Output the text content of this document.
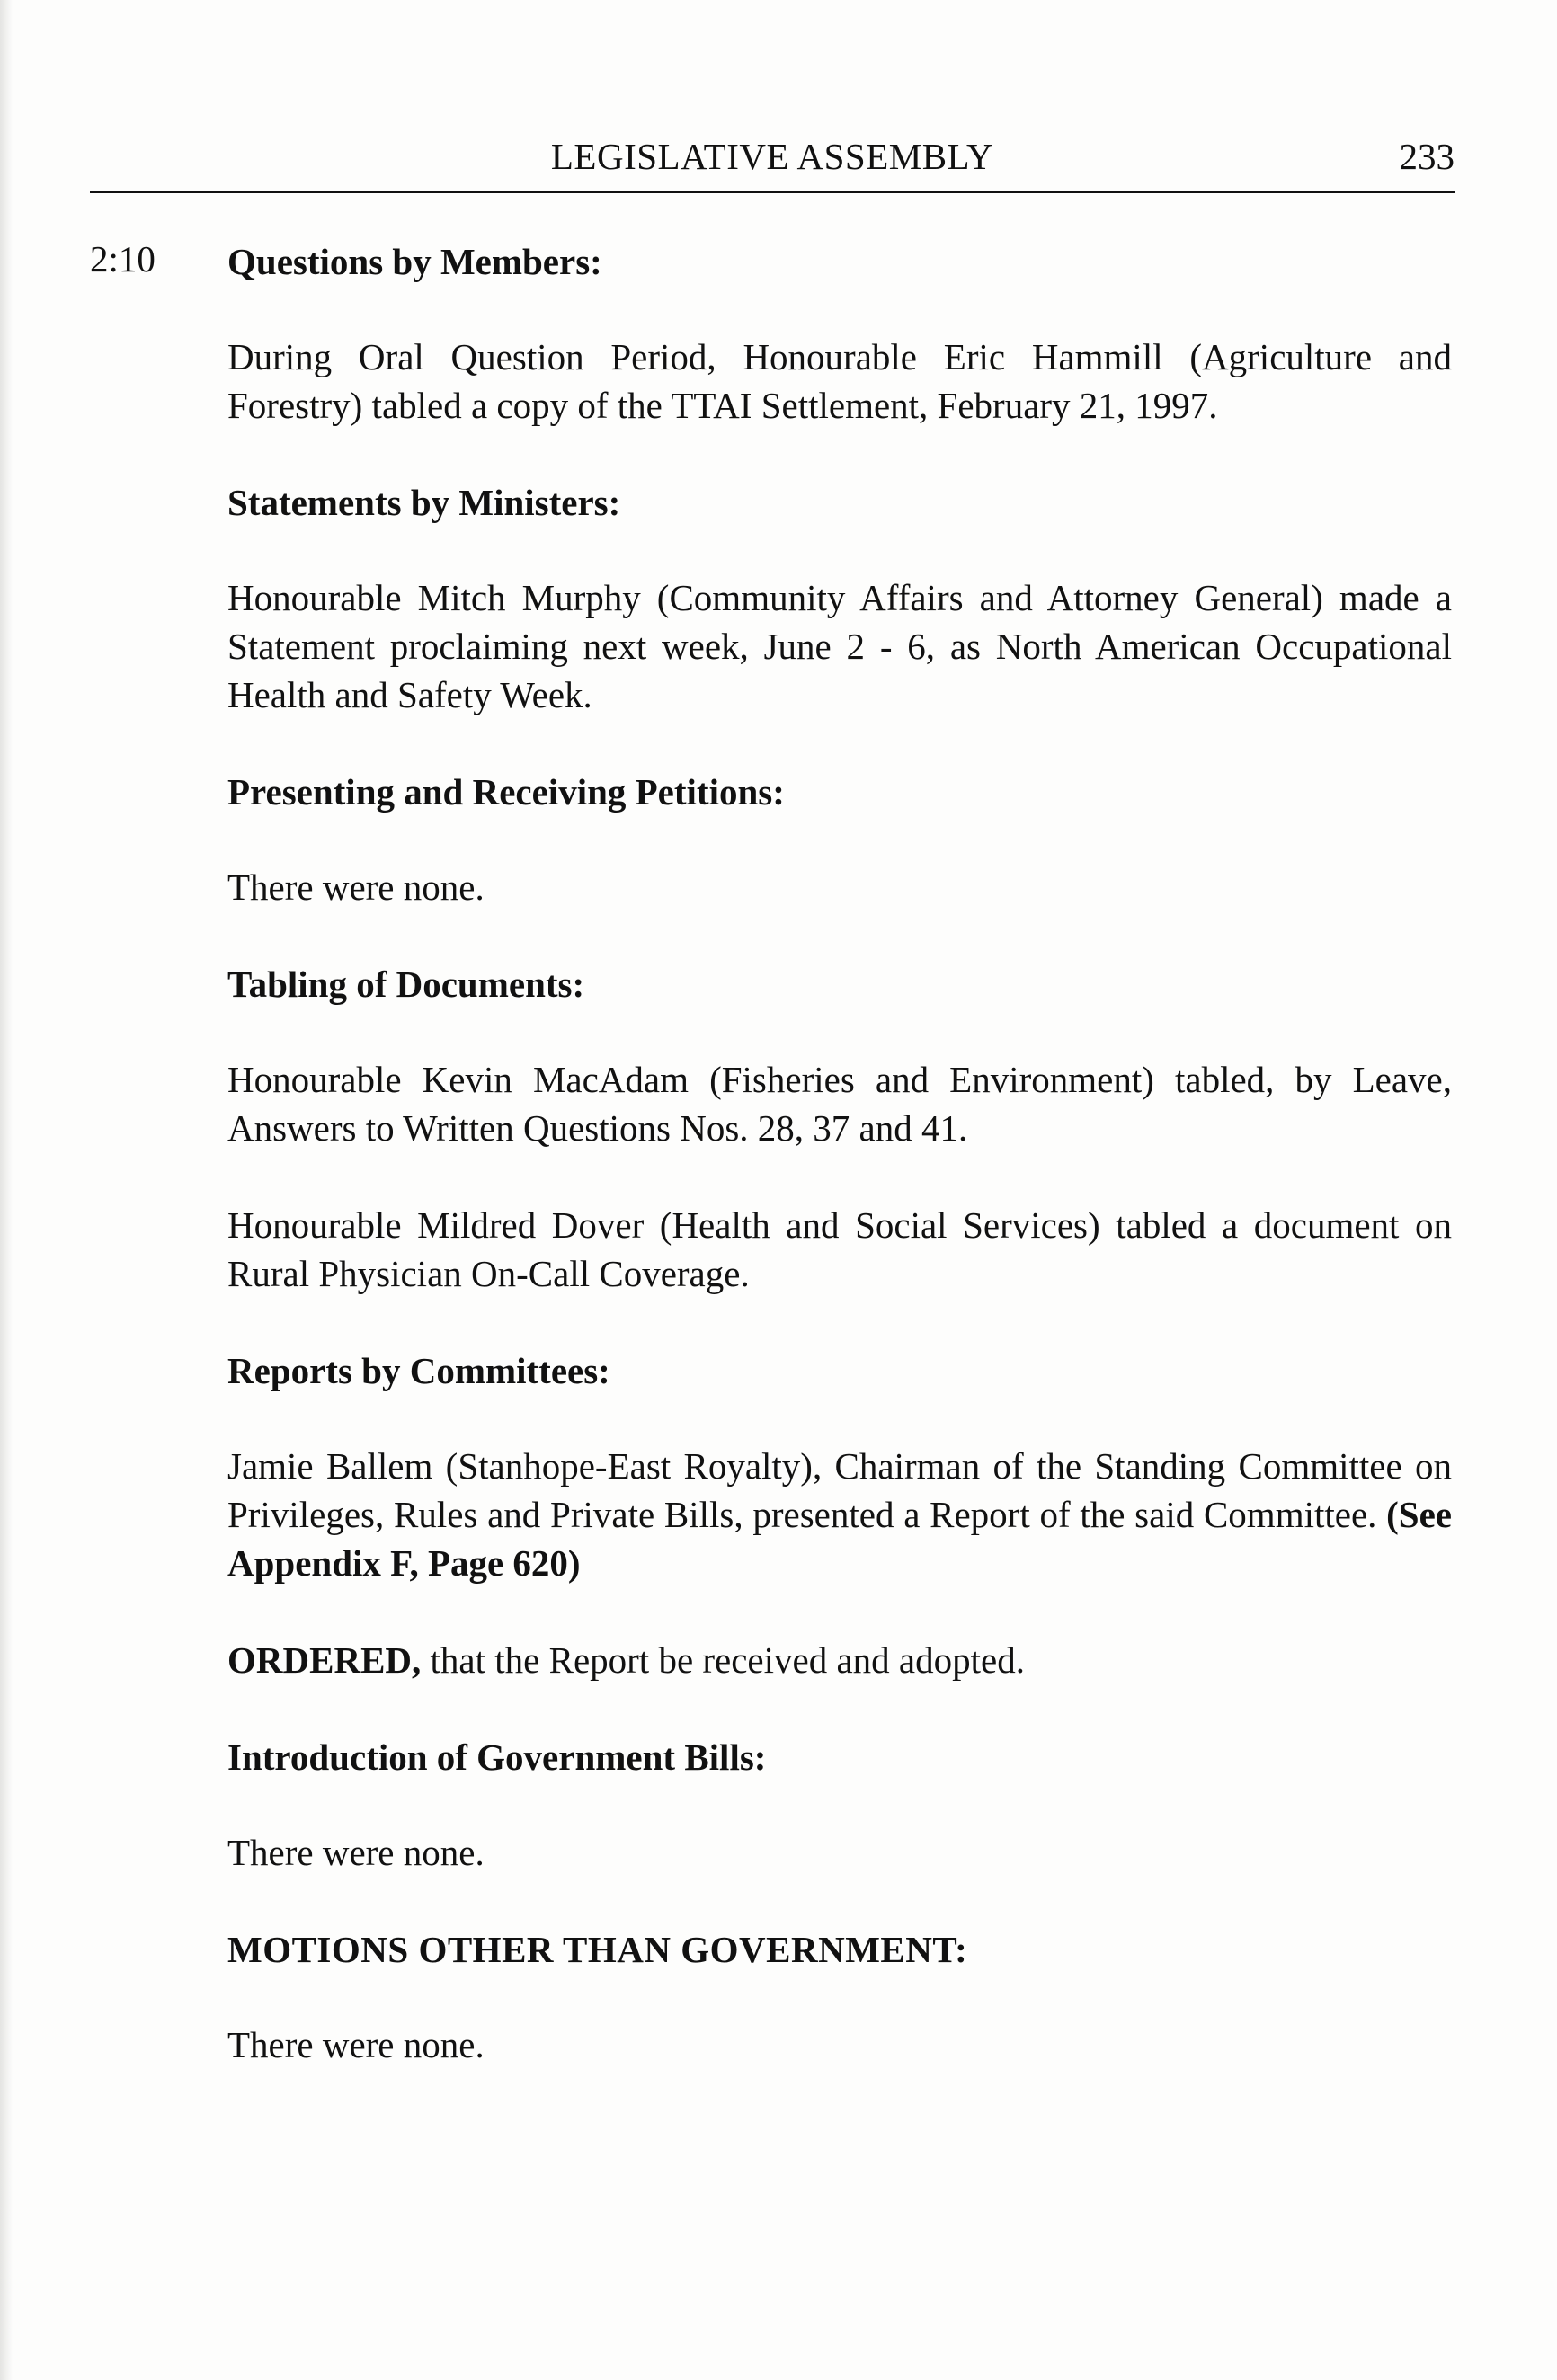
LEGISLATIVE ASSEMBLY	233
2:10 Questions by Members:

During Oral Question Period, Honourable Eric Hammill (Agriculture and Forestry) tabled a copy of the TTAI Settlement, February 21, 1997.

Statements by Ministers:

Honourable Mitch Murphy (Community Affairs and Attorney General) made a Statement proclaiming next week, June 2 - 6, as North American Occupational Health and Safety Week.

Presenting and Receiving Petitions:

There were none.

Tabling of Documents:

Honourable Kevin MacAdam (Fisheries and Environment) tabled, by Leave, Answers to Written Questions Nos. 28, 37 and 41.

Honourable Mildred Dover (Health and Social Services) tabled a document on Rural Physician On-Call Coverage.

Reports by Committees:

Jamie Ballem (Stanhope-East Royalty), Chairman of the Standing Committee on Privileges, Rules and Private Bills, presented a Report of the said Committee. (See Appendix F, Page 620)

ORDERED, that the Report be received and adopted.

Introduction of Government Bills:

There were none.

MOTIONS OTHER THAN GOVERNMENT:

There were none.
